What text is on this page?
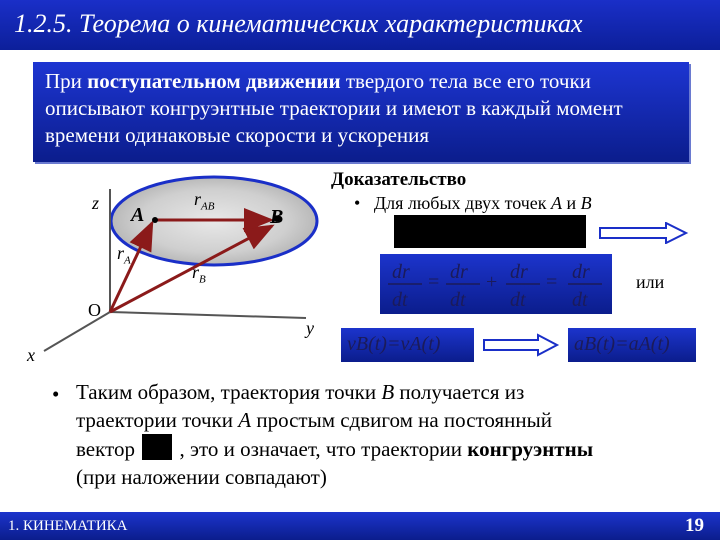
1.2.5. Теорема о кинематических характеристиках
При поступательном движении твердого тела все его точки описывают конгруэнтные траектории и имеют в каждый момент времени одинаковые скорости и ускорения
Доказательство
• Для любых двух точек A и B
z
x
y
O
A	B
$r_{AB}$
$r_A$
$r_B$	dr
dt
= dr
dt
+ dr
dt
= dr
dt
или
vB(t)=vA(t)	aB(t)=aA(t)
• Таким образом, траектория точки B получается из
траектории точки A простым сдвигом на постоянный
вектор  , это и означает, что траектории конгруэнтны
(при наложении совпадают)
1. КИНЕМАТИКА	19
